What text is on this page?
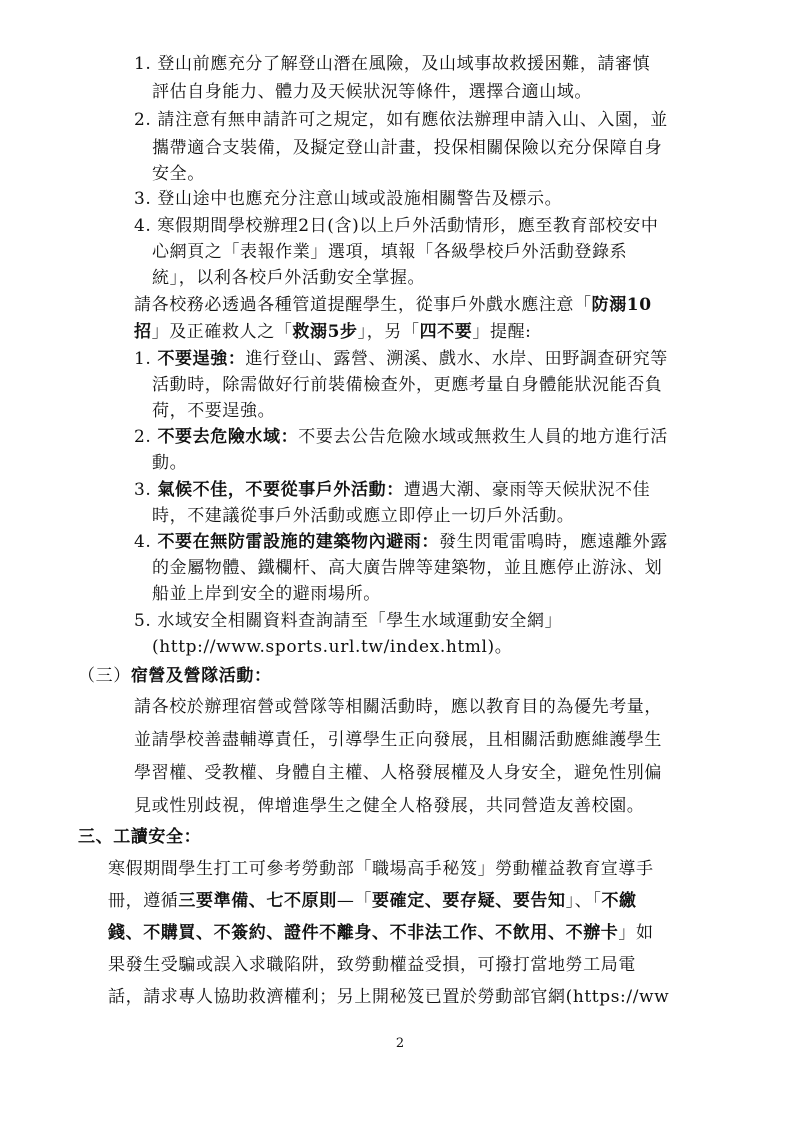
2
1. 登山前應充分了解登山潛在風險，及山域事故救援困難，請審慎
評估自身能力、體力及天候狀況等條件，選擇合適山域。
2. 請注意有無申請許可之規定，如有應依法辦理申請入山、入園，並
攜帶適合支裝備，及擬定登山計畫，投保相關保險以充分保障自身
安全。
3. 登山途中也應充分注意山域或設施相關警告及標示。
4. 寒假期間學校辦理2日(含)以上戶外活動情形，應至教育部校安中
心網頁之「表報作業」選項，填報「各級學校戶外活動登錄系
統」，以利各校戶外活動安全掌握。
請各校務必透過各種管道提醒學生，從事戶外戲水應注意「防溺10
招」及正確救人之「救溺5步」，另「四不要」提醒:
1. 不要逞強：進行登山、露營、溯溪、戲水、水岸、田野調查研究等
活動時，除需做好行前裝備檢查外，更應考量自身體能狀況能否負
荷，不要逞強。
2. 不要去危險水域：不要去公告危險水域或無救生人員的地方進行活
動。
3. 氣候不佳，不要從事戶外活動：遭遇大潮、豪雨等天候狀況不佳
時，不建議從事戶外活動或應立即停止一切戶外活動。
4. 不要在無防雷設施的建築物內避雨：發生閃電雷鳴時，應遠離外露
的金屬物體、鐵欄杆、高大廣告牌等建築物，並且應停止游泳、划
船並上岸到安全的避雨場所。
5. 水域安全相關資料查詢請至「學生水域運動安全網」
(http://www.sports.url.tw/index.html)。
（三）宿營及營隊活動：
請各校於辦理宿營或營隊等相關活動時，應以教育目的為優先考量，
並請學校善盡輔導責任，引導學生正向發展，且相關活動應維護學生
學習權、受教權、身體自主權、人格發展權及人身安全，避免性別偏
見或性別歧視，俾增進學生之健全人格發展，共同營造友善校園。
三、工讀安全：
寒假期間學生打工可參考勞動部「職場高手秘笈」勞動權益教育宣導手
冊，遵循三要準備、七不原則—「要確定、要存疑、要告知」、「不繳
錢、不購買、不簽約、證件不離身、不非法工作、不飲用、不辦卡」如
果發生受騙或誤入求職陷阱，致勞動權益受損，可撥打當地勞工局電
話，請求專人協助救濟權利；另上開秘笈已置於勞動部官網(https://ww
